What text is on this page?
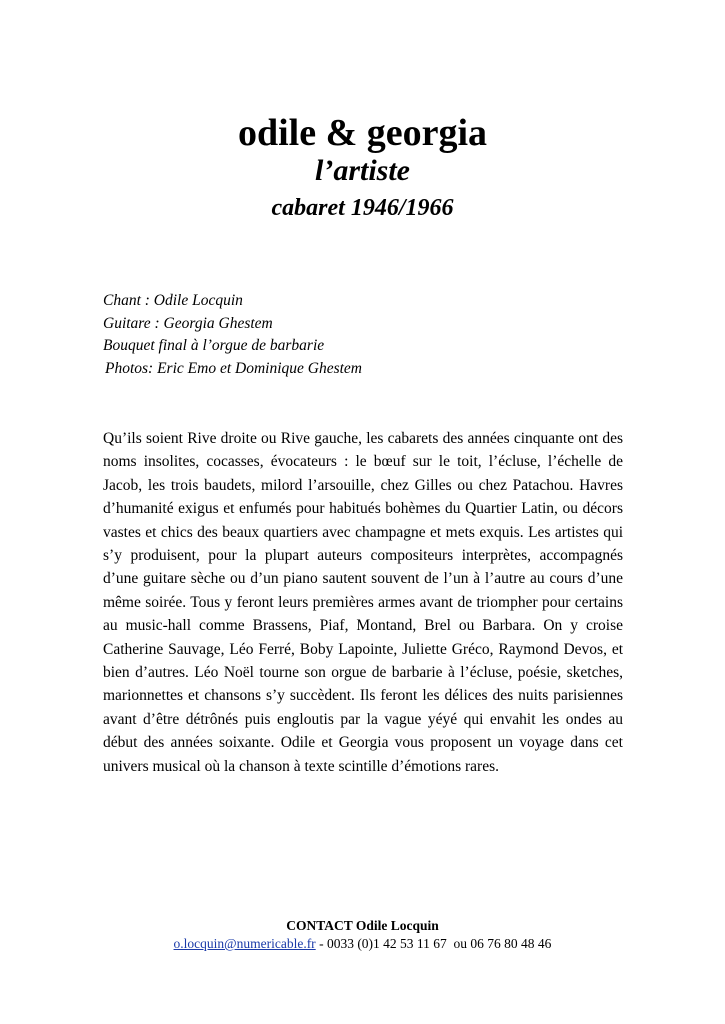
odile & georgia
l’artiste
cabaret 1946/1966
Chant : Odile Locquin
Guitare : Georgia Ghestem
Bouquet final à l’orgue de barbarie
Photos: Eric Emo et Dominique Ghestem
Qu’ils soient Rive droite ou Rive gauche, les cabarets des années cinquante ont des noms insolites, cocasses, évocateurs : le bœuf sur le toit, l’écluse, l’échelle de Jacob, les trois baudets, milord l’arsouille, chez Gilles ou chez Patachou. Havres d’humanité exigus et enfumés pour habitués bohèmes du Quartier Latin, ou décors vastes et chics des beaux quartiers avec champagne et mets exquis. Les artistes qui s’y produisent, pour la plupart auteurs compositeurs interprètes, accompagnés d’une guitare sèche ou d’un piano sautent souvent de l’un à l’autre au cours d’une même soirée. Tous y feront leurs premières armes avant de triompher pour certains au music-hall comme Brassens, Piaf, Montand, Brel ou Barbara. On y croise Catherine Sauvage, Léo Ferré, Boby Lapointe, Juliette Gréco, Raymond Devos, et bien d’autres. Léo Noël tourne son orgue de barbarie à l’écluse, poésie, sketches, marionnettes et chansons s’y succèdent. Ils feront les délices des nuits parisiennes avant d’être détrônés puis engloutis par la vague yéyé qui envahit les ondes au début des années soixante. Odile et Georgia vous proposent un voyage dans cet univers musical où la chanson à texte scintille d’émotions rares.
CONTACT Odile Locquin
o.locquin@numericable.fr - 0033 (0)1 42 53 11 67  ou 06 76 80 48 46
